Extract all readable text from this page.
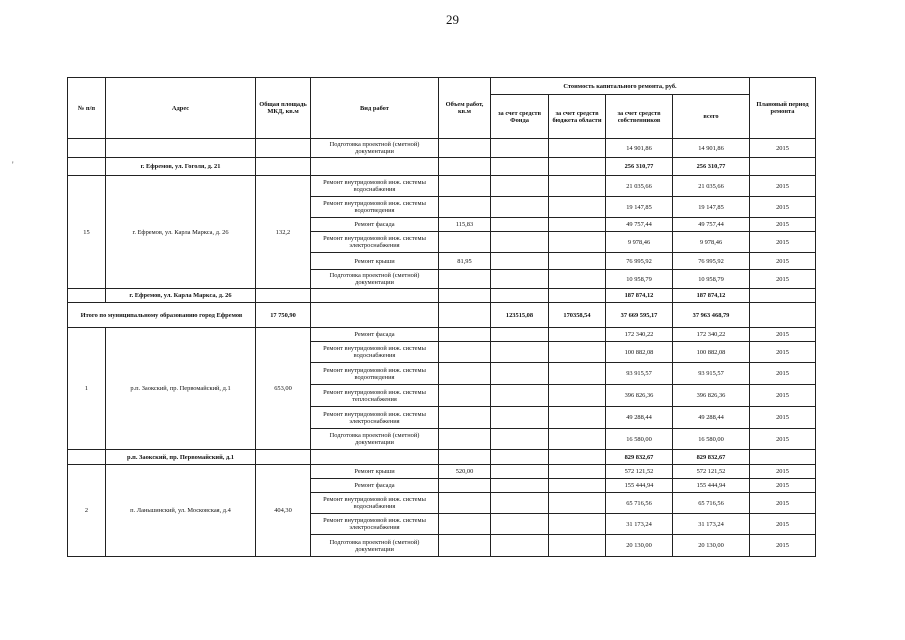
29
'
№ п/п	Адрес	Общая площадь МКД, кв.м	Вид работ	Объем работ, кв.м	Стоимость капитального ремонта, руб.				Плановый период ремонта
					за счет средств Фонда	за счет средств бюджета области	за счет средств собственников	всего	
			Подготовка проектной (сметной) документации				14 901,86	14 901,86	2015
	г. Ефремов, ул. Гоголя, д. 21						256 310,77	256 310,77	
15	г. Ефремов, ул. Карла Маркса, д. 26	132,2	Ремонт внутридомовой инж. системы водоснабжения				21 035,66	21 035,66	2015
			Ремонт внутридомовой инж. системы водоотведения				19 147,85	19 147,85	2015
			Ремонт фасада	115,83			49 757,44	49 757,44	2015
			Ремонт внутридомовой инж. системы электроснабжения				9 978,46	9 978,46	2015
			Ремонт крыши	81,95			76 995,92	76 995,92	2015
			Подготовка проектной (сметной) документации				10 958,79	10 958,79	2015
	г. Ефремов, ул. Карла Маркса, д. 26						187 874,12	187 874,12	
Итого по муниципальному образованию город Ефремов		17 750,90			123515,08	170358,54	37 669 595,17	37 963 468,79	
1	р.п. Заокский, пр. Первомайский, д.1	653,00	Ремонт фасада				172 340,22	172 340,22	2015
			Ремонт внутридомовой инж. системы водоснабжения				100 882,08	100 882,08	2015
			Ремонт внутридомовой инж. системы водоотведения				93 915,57	93 915,57	2015
			Ремонт внутридомовой инж. системы теплоснабжения				396 826,36	396 826,36	2015
			Ремонт внутридомовой инж. системы электроснабжения				49 288,44	49 288,44	2015
			Подготовка проектной (сметной) документации				16 580,00	16 580,00	2015
	р.п. Заокский, пр. Первомайский, д.1						829 832,67	829 832,67	
2	п. Ланьшинский, ул. Московская, д.4	404,30	Ремонт крыши	520,00			572 121,52	572 121,52	2015
			Ремонт фасада				155 444,94	155 444,94	2015
			Ремонт внутридомовой инж. системы водоснабжения				65 716,56	65 716,56	2015
			Ремонт внутридомовой инж. системы электроснабжения				31 173,24	31 173,24	2015
			Подготовка проектной (сметной) документации				20 130,00	20 130,00	2015
